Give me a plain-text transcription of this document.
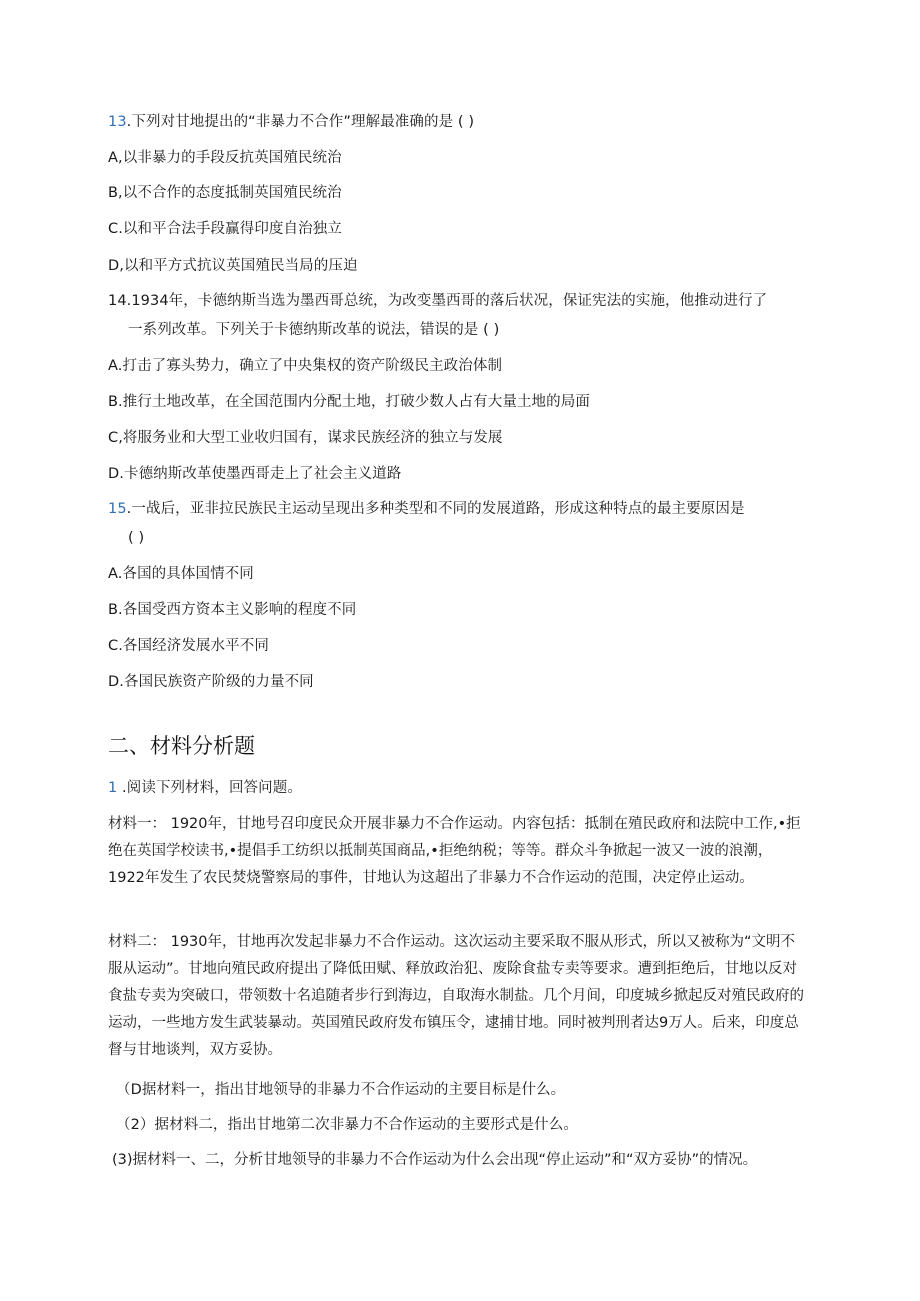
13.下列对甘地提出的“非暴力不合作”理解最准确的是 ( )
A,以非暴力的手段反抗英国殖民统治
B,以不合作的态度抵制英国殖民统治
C.以和平合法手段赢得印度自治独立
D,以和平方式抗议英国殖民当局的压迫
14.1934年，卡德纳斯当选为墨西哥总统，为改变墨西哥的落后状况，保证宪法的实施，他推动进行了
一系列改革。下列关于卡德纳斯改革的说法，错误的是 ( )
A.打击了寡头势力，确立了中央集权的资产阶级民主政治体制
B.推行土地改革，在全国范围内分配土地，打破少数人占有大量土地的局面
C,将服务业和大型工业收归国有，谋求民族经济的独立与发展
D.卡德纳斯改革使墨西哥走上了社会主义道路
15.一战后，亚非拉民族民主运动呈现出多种类型和不同的发展道路，形成这种特点的最主要原因是
( )
A.各国的具体国情不同
B.各国受西方资本主义影响的程度不同
C.各国经济发展水平不同
D.各国民族资产阶级的力量不同
二、材料分析题
1 .阅读下列材料，回答问题。
材料一： 1920年，甘地号召印度民众开展非暴力不合作运动。内容包括：抵制在殖民政府和法院中工作,•拒绝在英国学校读书,•提倡手工纺织以抵制英国商品,•拒绝纳税；等等。群众斗争掀起一波又一波的浪潮，1922年发生了农民焚烧警察局的事件，甘地认为这超出了非暴力不合作运动的范围，决定停止运动。
材料二： 1930年，甘地再次发起非暴力不合作运动。这次运动主要采取不服从形式，所以又被称为“文明不服从运动”。甘地向殖民政府提出了降低田赋、释放政治犯、废除食盐专卖等要求。遭到拒绝后，甘地以反对食盐专卖为突破口，带领数十名追随者步行到海边，自取海水制盐。几个月间，印度城乡掀起反对殖民政府的运动，一些地方发生武装暴动。英国殖民政府发布镇压令，逮捕甘地。同时被判刑者达9万人。后来，印度总督与甘地谈判，双方妥协。
（D据材料一，指出甘地领导的非暴力不合作运动的主要目标是什么。
（2）据材料二，指出甘地第二次非暴力不合作运动的主要形式是什么。
(3)据材料一、二，分析甘地领导的非暴力不合作运动为什么会出现“停止运动”和“双方妥协”的情况。
